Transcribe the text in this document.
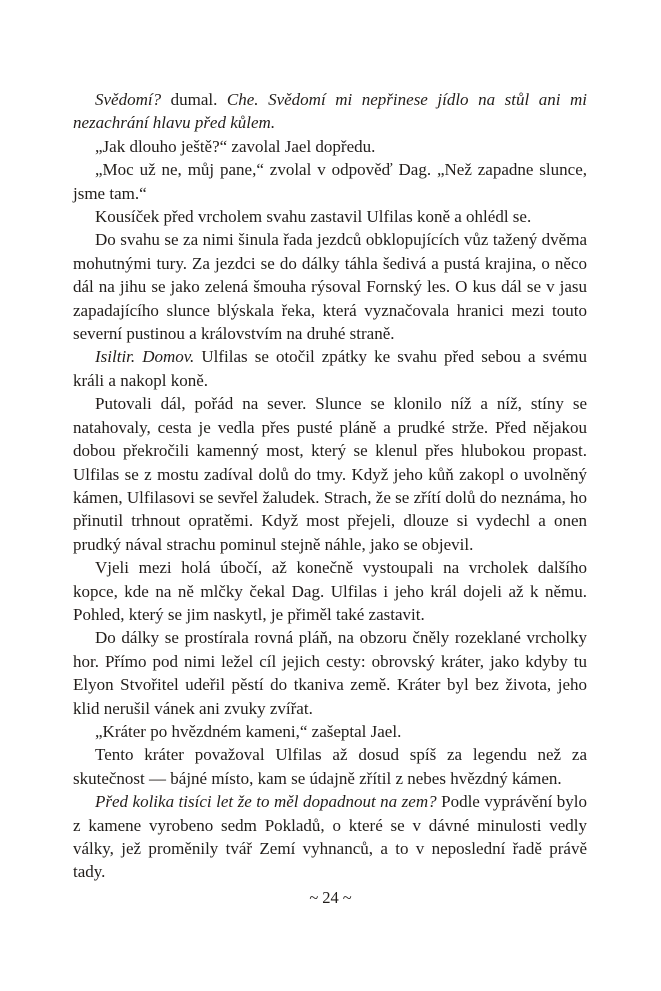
Svědomí? dumal. Che. Svědomí mi nepřinese jídlo na stůl ani mi nezachrání hlavu před kůlem.

„Jak dlouho ještě?“ zavolal Jael dopředu.

„Moc už ne, můj pane,“ zvolal v odpověď Dag. „Než zapadne slunce, jsme tam.“

Kousíček před vrcholem svahu zastavil Ulfilas koně a ohlédl se.

Do svahu se za nimi šinula řada jezdců obklopujících vůz tažený dvěma mohutnými tury. Za jezdci se do dálky táhla šedivá a pustá krajina, o něco dál na jihu se jako zelená šmouha rýsoval Fornský les. O kus dál se v jasu zapadajícího slunce blýskala řeka, která vyznačovala hranici mezi touto severní pustinou a královstvím na druhé straně.

Isiltir. Domov. Ulfilas se otočil zpátky ke svahu před sebou a svému králi a nakopl koně.

Putovali dál, pořád na sever. Slunce se klonilo níž a níž, stíny se natahovaly, cesta je vedla přes pusté pláně a prudké strže. Před nějakou dobou překročili kamenný most, který se klenul přes hlubokou propast. Ulfilas se z mostu zadíval dolů do tmy. Když jeho kůň zakopl o uvolněný kámen, Ulfilasovi se sevřel žaludek. Strach, že se zřítí dolů do neznáma, ho přinutil trhnout opratěmi. Když most přejeli, dlouze si vydechl a onen prudký nával strachu pominul stejně náhle, jako se objevil.

Vjeli mezi holá úbočí, až konečně vystoupali na vrcholek dalšího kopce, kde na ně mlčky čekal Dag. Ulfilas i jeho král dojeli až k němu. Pohled, který se jim naskytl, je přiměl také zastavit.

Do dálky se prostírala rovná pláň, na obzoru čněly rozeklané vrcholky hor. Přímo pod nimi ležel cíl jejich cesty: obrovský kráter, jako kdyby tu Elyon Stvořitel udeřil pěstí do tkaniva země. Kráter byl bez života, jeho klid nerušil vánek ani zvuky zvířat.

„Kráter po hvězdném kameni,“ zašeptal Jael.

Tento kráter považoval Ulfilas až dosud spíš za legendu než za skutečnost — bájné místo, kam se údajně zřítil z nebes hvězdný kámen.

Před kolika tisíci let že to měl dopadnout na zem? Podle vyprávění bylo z kamene vyrobeno sedm Pokladů, o které se v dávné minulosti vedly války, jež proměnily tvář Zemí vyhnanců, a to v neposlední řadě právě tady.

~ 24 ~
